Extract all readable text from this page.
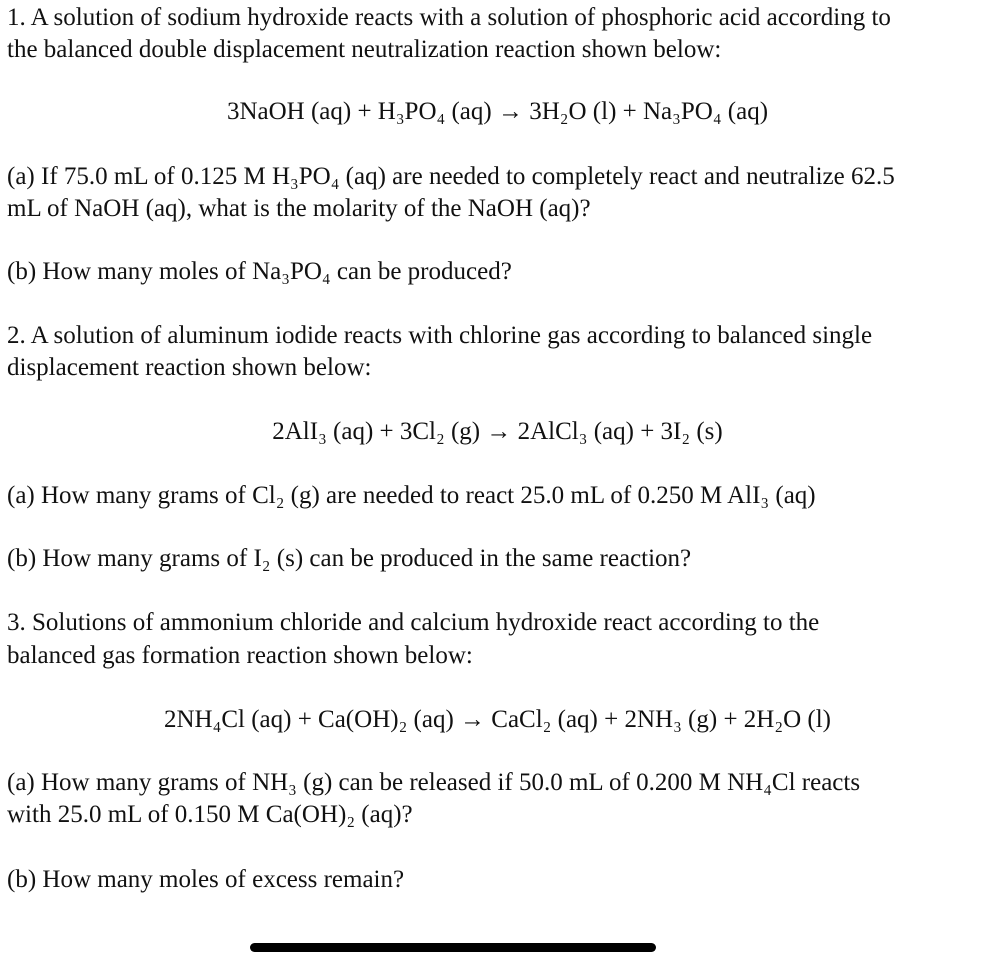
1. A solution of sodium hydroxide reacts with a solution of phosphoric acid according to
the balanced double displacement neutralization reaction shown below:
3NaOH (aq) + H₃PO₄ (aq) → 3H₂O (l) + Na₃PO₄ (aq)
(a) If 75.0 mL of 0.125 M H₃PO₄ (aq) are needed to completely react and neutralize 62.5
mL of NaOH (aq), what is the molarity of the NaOH (aq)?
(b) How many moles of Na₃PO₄ can be produced?
2. A solution of aluminum iodide reacts with chlorine gas according to balanced single
displacement reaction shown below:
2AlI₃ (aq) + 3Cl₂ (g) → 2AlCl₃ (aq) + 3I₂ (s)
(a) How many grams of Cl₂ (g) are needed to react 25.0 mL of 0.250 M AlI₃ (aq)
(b) How many grams of I₂ (s) can be produced in the same reaction?
3. Solutions of ammonium chloride and calcium hydroxide react according to the
balanced gas formation reaction shown below:
2NH₄Cl (aq) + Ca(OH)₂ (aq) → CaCl₂ (aq) + 2NH₃ (g) + 2H₂O (l)
(a) How many grams of NH₃ (g) can be released if 50.0 mL of 0.200 M NH₄Cl reacts
with 25.0 mL of 0.150 M Ca(OH)₂ (aq)?
(b) How many moles of excess remain?
